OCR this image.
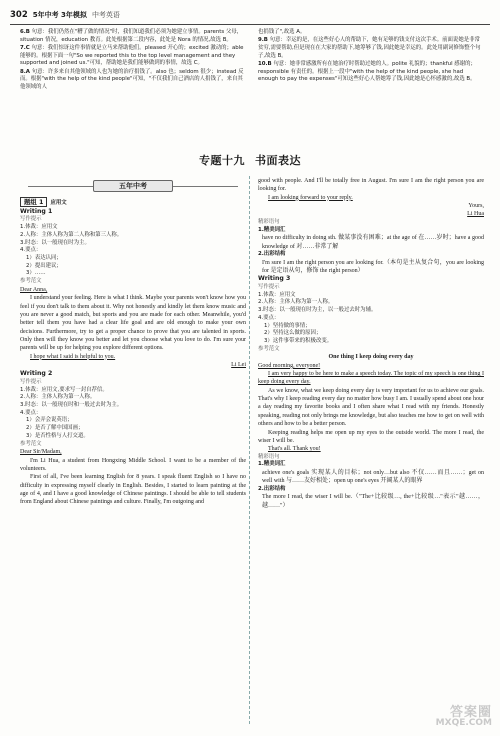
302 5年中考 3年模拟 中考英语

6.B 句意：我们仍然在"糟了做的情况"时，我们知道我们必须为她建立事情。parents 父母，situation 情况，education 教育。此处根据第二段内容，此处是 Nora 的情况,故选 B。

7.C 句意：我们惊讶这件事情就是立马来帮助他们。pleased 开心的；excited 激动的；able 能够的。根据下面一句"So we reported this to the top level management and they supported and joined us."可知，帮助她是我们能够做到的事情，故选 C。

8.A 句意：许多来自其他领域的人也为她的治疗捐钱了。also 也；seldom 很少；instead 反而。根据"with the help of the kind people"可知，"不仅我们自己酒店的人捐钱了，来自其他领域的人

也捐钱了",故选 A。

9.B 句意：幸运的是，在这些好心人的帮助下，她有足够的钱支付这次手术。前面说她是非常贫穷,需要帮助,但是现在在大家的帮助下,她筹够了钱,因此她是幸运的。此处用副词修饰整个句子,故选 B。

10.B 句意：她非常感激所有在她治疗时帮助过她的人。polite 礼貌的；thankful 感谢的；responsible 有责任的。根据上一段中"with the help of the kind people, she had enough to pay the expenses"可知这些好心人帮她筹了钱,因此她是心怀感激的,故选 B。

专题十九 书面表达
五年中考

题组 1 应用文

Writing 1

写作提示

1.体裁：应用文

2.人称：主体人称为第二人称和第三人称。

3.时态：以一般现在时为主。

4.要点：

1）表达认同；

2）提出建议；

3）……

参考范文

Dear Anna,

I understand your feeling. Here is what I think. Maybe your parents won't know how you feel if you don't talk to them about it. Why not honestly and kindly let them know music and you are never a good match, but sports and you are made for each other. Meanwhile, you'd better tell them you have had a clear life goal and are old enough to make your own decisions. Furthermore, try to get a proper chance to prove that you are talented in sports. Only then will they know you better and let you choose what you love to do. I'm sure your parents will be up for helping you explore different options.

I hope what I said is helpful to you.

Li Lei

Writing 2

写作提示

1.体裁：应用文,要求写一封自荐信。

2.人称：主体人称为第一人称。

3.时态：以一般现在时和一般过去时为主。

4.要点：

1）会弄会说英语；

2）是否了解中国国画；

3）是否性格与人打交道。

参考范文

Dear Sir/Madam,

I'm Li Hua, a student from Hongxing Middle School. I want to be a member of the volunteers.

First of all, I've been learning English for 8 years. I speak fluent English so I have no difficulty in expressing myself clearly in English. Besides, I started to learn painting at the age of 4, and I have a good knowledge of Chinese paintings. I should be able to tell students from England about Chinese paintings and culture. Finally, I'm outgoing and

good with people. And I'll be totally free in August. I'm sure I am the right person you are looking for.

I am looking forward to your reply.

Yours,

Li Hua

精彩语句

1.精美词汇

have no difficulty in doing sth. 做某事没有困难；at the age of 在……岁时；have a good knowledge of 对……非常了解

2.出彩结构

I'm sure I am the right person you are looking for.（本句是主从复合句，you are looking for 是定语从句，修饰 the right person）

Writing 3

写作提示

1.体裁：应用文

2.人称：主体人称为第一人称。

3.时态：以一般现在时为主，以一般过去时为辅。

4.要点：

1）坚持做的事情；

2）坚持这么做的原因；

3）这件事带来的积极改变。

参考范文

One thing I keep doing every day

Good morning, everyone!

I am very happy to be here to make a speech today. The topic of my speech is one thing I keep doing every day.

As we know, what we keep doing every day is very important for us to achieve our goals. That's why I keep reading every day no matter how busy I am. I usually spend about one hour a day reading my favorite books and I often share what I read with my friends. Honestly speaking, reading not only brings me knowledge, but also teaches me how to get on well with others and how to be a better person.

Keeping reading helps me open up my eyes to the outside world. The more I read, the wiser I will be.

That's all. Thank you!

精彩语句

1.精美词汇

achieve one's goals 实现某人的目标；not only…but also 不仅……而且……；get on well with 与……友好相处；open up one's eyes 开阔某人的眼界

2.出彩结构

The more I read, the wiser I will be.（"The+比较级…, the+比较级…"表示"越……，越……"）

答案圈
MXQE.COM
